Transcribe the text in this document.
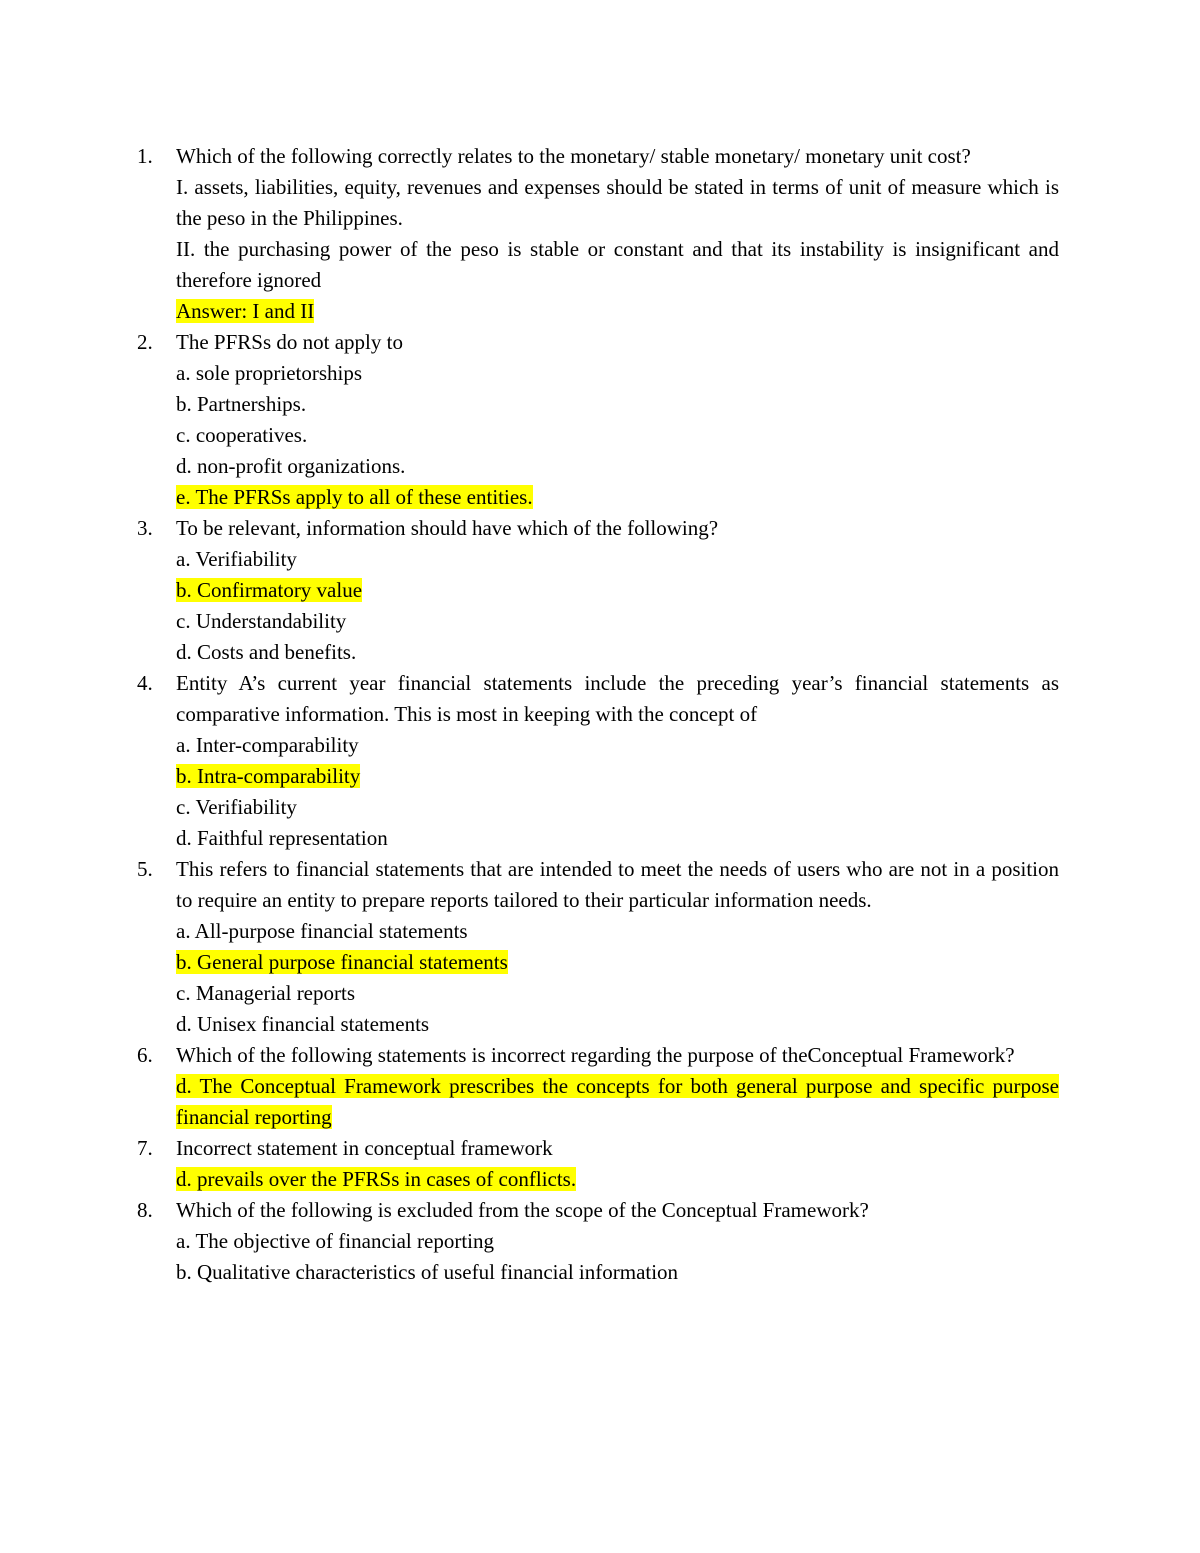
1.	Which of the following correctly relates to the monetary/ stable monetary/ monetary unit cost?
I. assets, liabilities, equity, revenues and expenses should be stated in terms of unit of measure which is the peso in the Philippines.
II. the purchasing power of the peso is stable or constant and that its instability is insignificant and therefore ignored
Answer: I and II
2.	The PFRSs do not apply to
a. sole proprietorships
b. Partnerships.
c. cooperatives.
d. non-profit organizations.
e. The PFRSs apply to all of these entities.
3.	To be relevant, information should have which of the following?
a. Verifiability
b. Confirmatory value
c. Understandability
d. Costs and benefits.
4.	Entity A’s current year financial statements include the preceding year’s financial statements as comparative information. This is most in keeping with the concept of
a. Inter-comparability
b. Intra-comparability
c. Verifiability
d. Faithful representation
5.	This refers to financial statements that are intended to meet the needs of users who are not in a position to require an entity to prepare reports tailored to their particular information needs.
a. All-purpose financial statements
b. General purpose financial statements
c. Managerial reports
d. Unisex financial statements
6.	Which of the following statements is incorrect regarding the purpose of theConceptual Framework?
d. The Conceptual Framework prescribes the concepts for both general purpose and specific purpose financial reporting
7.	Incorrect statement in conceptual framework
d. prevails over the PFRSs in cases of conflicts.
8.	Which of the following is excluded from the scope of the Conceptual Framework?
a. The objective of financial reporting
b. Qualitative characteristics of useful financial information
